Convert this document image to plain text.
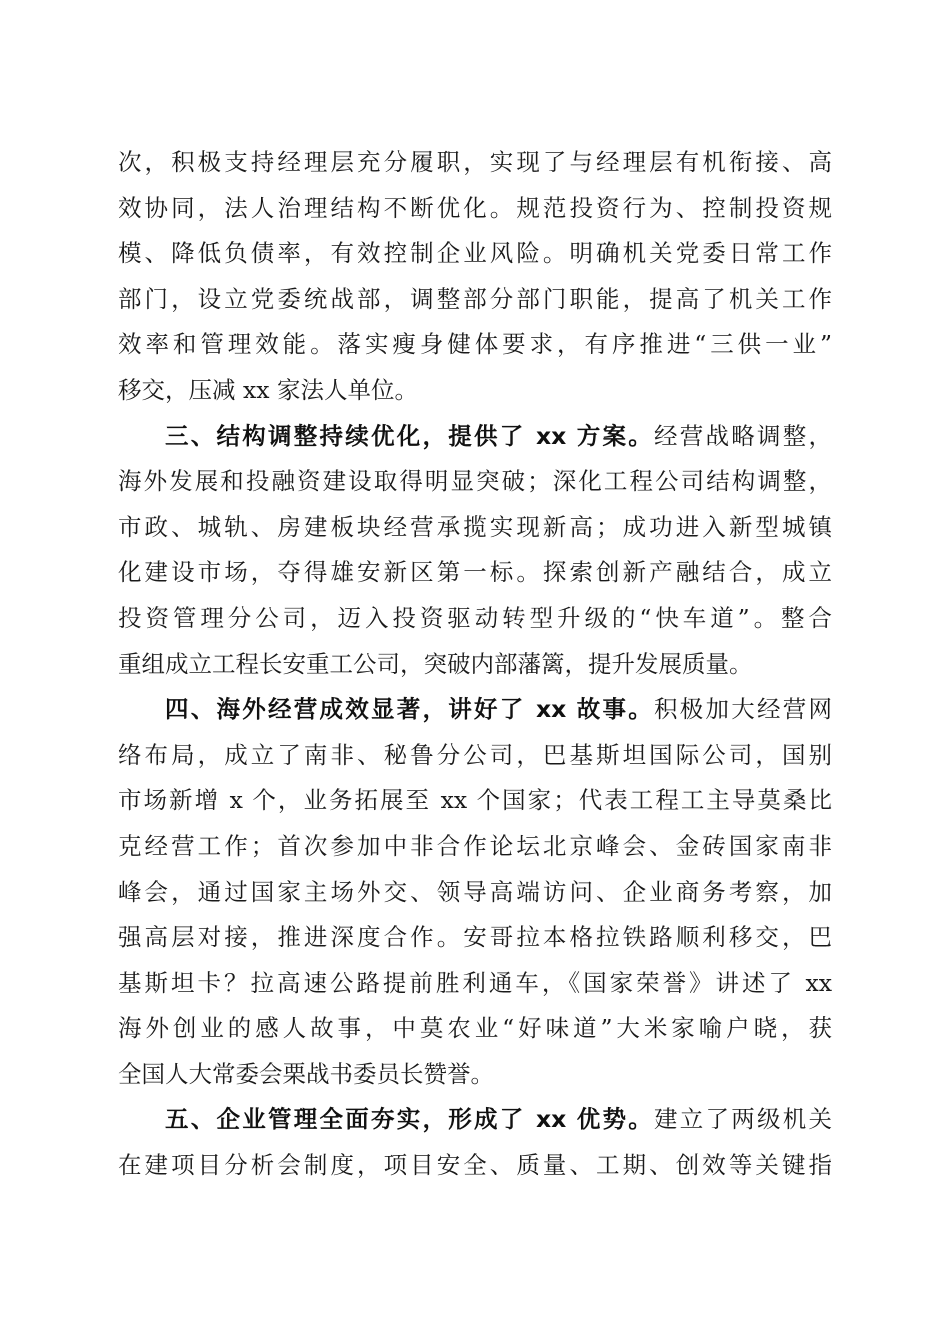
次，积极支持经理层充分履职，实现了与经理层有机衔接、高
效协同，法人治理结构不断优化。规范投资行为、控制投资规
模、降低负债率，有效控制企业风险。明确机关党委日常工作
部门，设立党委统战部，调整部分部门职能，提高了机关工作
效率和管理效能。落实瘦身健体要求，有序推进“三供一业”
移交，压减 xx 家法人单位。
三、结构调整持续优化，提供了 xx 方案。经营战略调整，
海外发展和投融资建设取得明显突破；深化工程公司结构调整，
市政、城轨、房建板块经营承揽实现新高；成功进入新型城镇
化建设市场，夺得雄安新区第一标。探索创新产融结合，成立
投资管理分公司，迈入投资驱动转型升级的“快车道”。整合
重组成立工程长安重工公司，突破内部藩篱，提升发展质量。
四、海外经营成效显著，讲好了 xx 故事。积极加大经营网
络布局，成立了南非、秘鲁分公司，巴基斯坦国际公司，国别
市场新增 x 个，业务拓展至 xx 个国家；代表工程工主导莫桑比
克经营工作；首次参加中非合作论坛北京峰会、金砖国家南非
峰会，通过国家主场外交、领导高端访问、企业商务考察，加
强高层对接，推进深度合作。安哥拉本格拉铁路顺利移交，巴
基斯坦卡？拉高速公路提前胜利通车，《国家荣誉》讲述了 xx
海外创业的感人故事，中莫农业“好味道”大米家喻户晓，获
全国人大常委会栗战书委员长赞誉。
五、企业管理全面夯实，形成了 xx 优势。建立了两级机关
在建项目分析会制度，项目安全、质量、工期、创效等关键指
